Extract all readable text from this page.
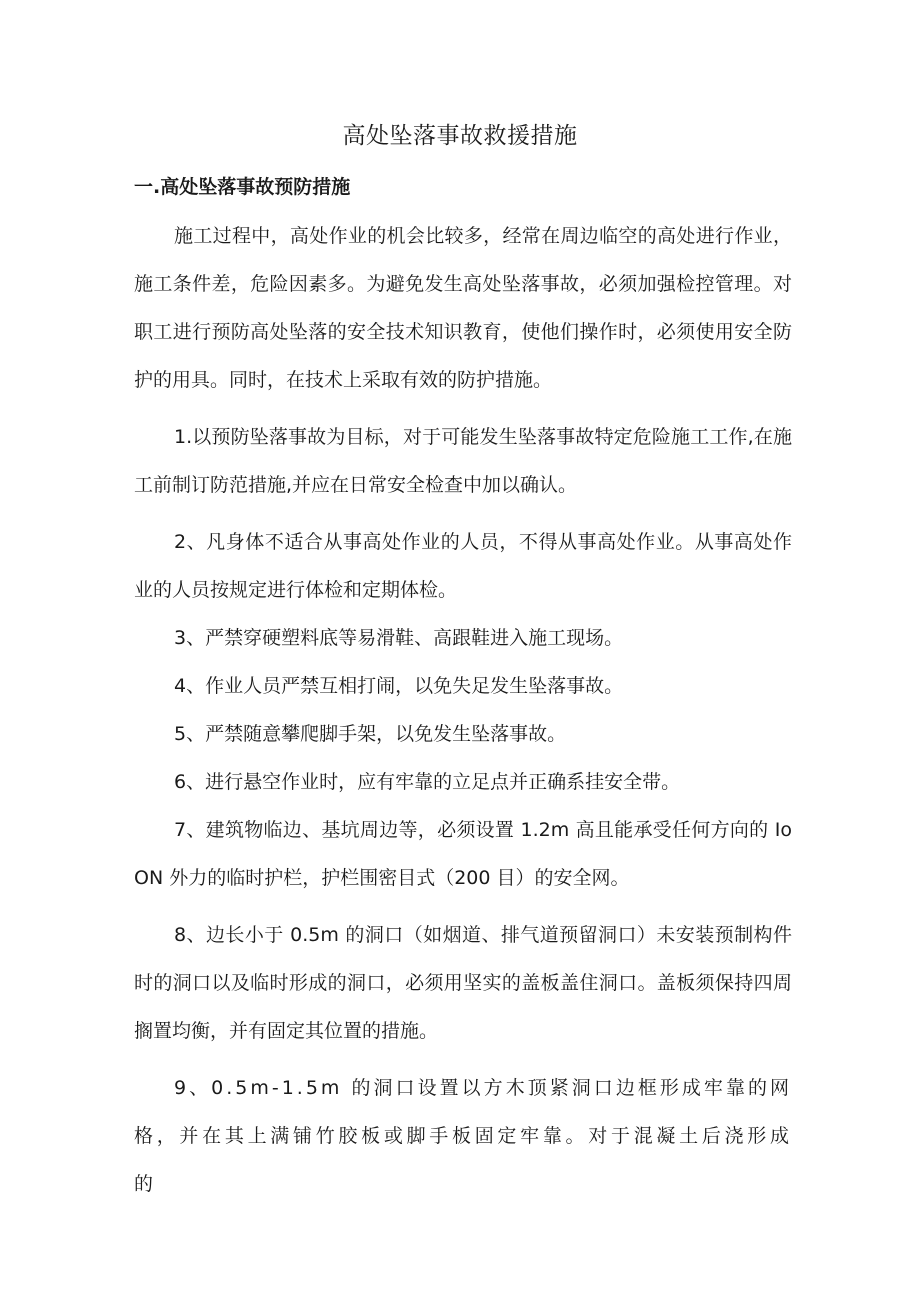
高处坠落事故救援措施
一.高处坠落事故预防措施

施工过程中，高处作业的机会比较多，经常在周边临空的高处进行作业，施工条件差，危险因素多。为避免发生高处坠落事故，必须加强检控管理。对职工进行预防高处坠落的安全技术知识教育，使他们操作时，必须使用安全防护的用具。同时，在技术上采取有效的防护措施。

1.以预防坠落事故为目标，对于可能发生坠落事故特定危险施工工作,在施工前制订防范措施,并应在日常安全检查中加以确认。

2、凡身体不适合从事高处作业的人员，不得从事高处作业。从事高处作业的人员按规定进行体检和定期体检。

3、严禁穿硬塑料底等易滑鞋、高跟鞋进入施工现场。

4、作业人员严禁互相打闹，以免失足发生坠落事故。

5、严禁随意攀爬脚手架，以免发生坠落事故。

6、进行悬空作业时，应有牢靠的立足点并正确系挂安全带。

7、建筑物临边、基坑周边等，必须设置 1.2m 高且能承受任何方向的 IoON 外力的临时护栏，护栏围密目式（200 目）的安全网。

8、边长小于 0.5m 的洞口（如烟道、排气道预留洞口）未安装预制构件时的洞口以及临时形成的洞口，必须用坚实的盖板盖住洞口。盖板须保持四周搁置均衡，并有固定其位置的措施。

9、0.5m-1.5m 的洞口设置以方木顶紧洞口边框形成牢靠的网格，并在其上满铺竹胶板或脚手板固定牢靠。对于混凝土后浇形成的
